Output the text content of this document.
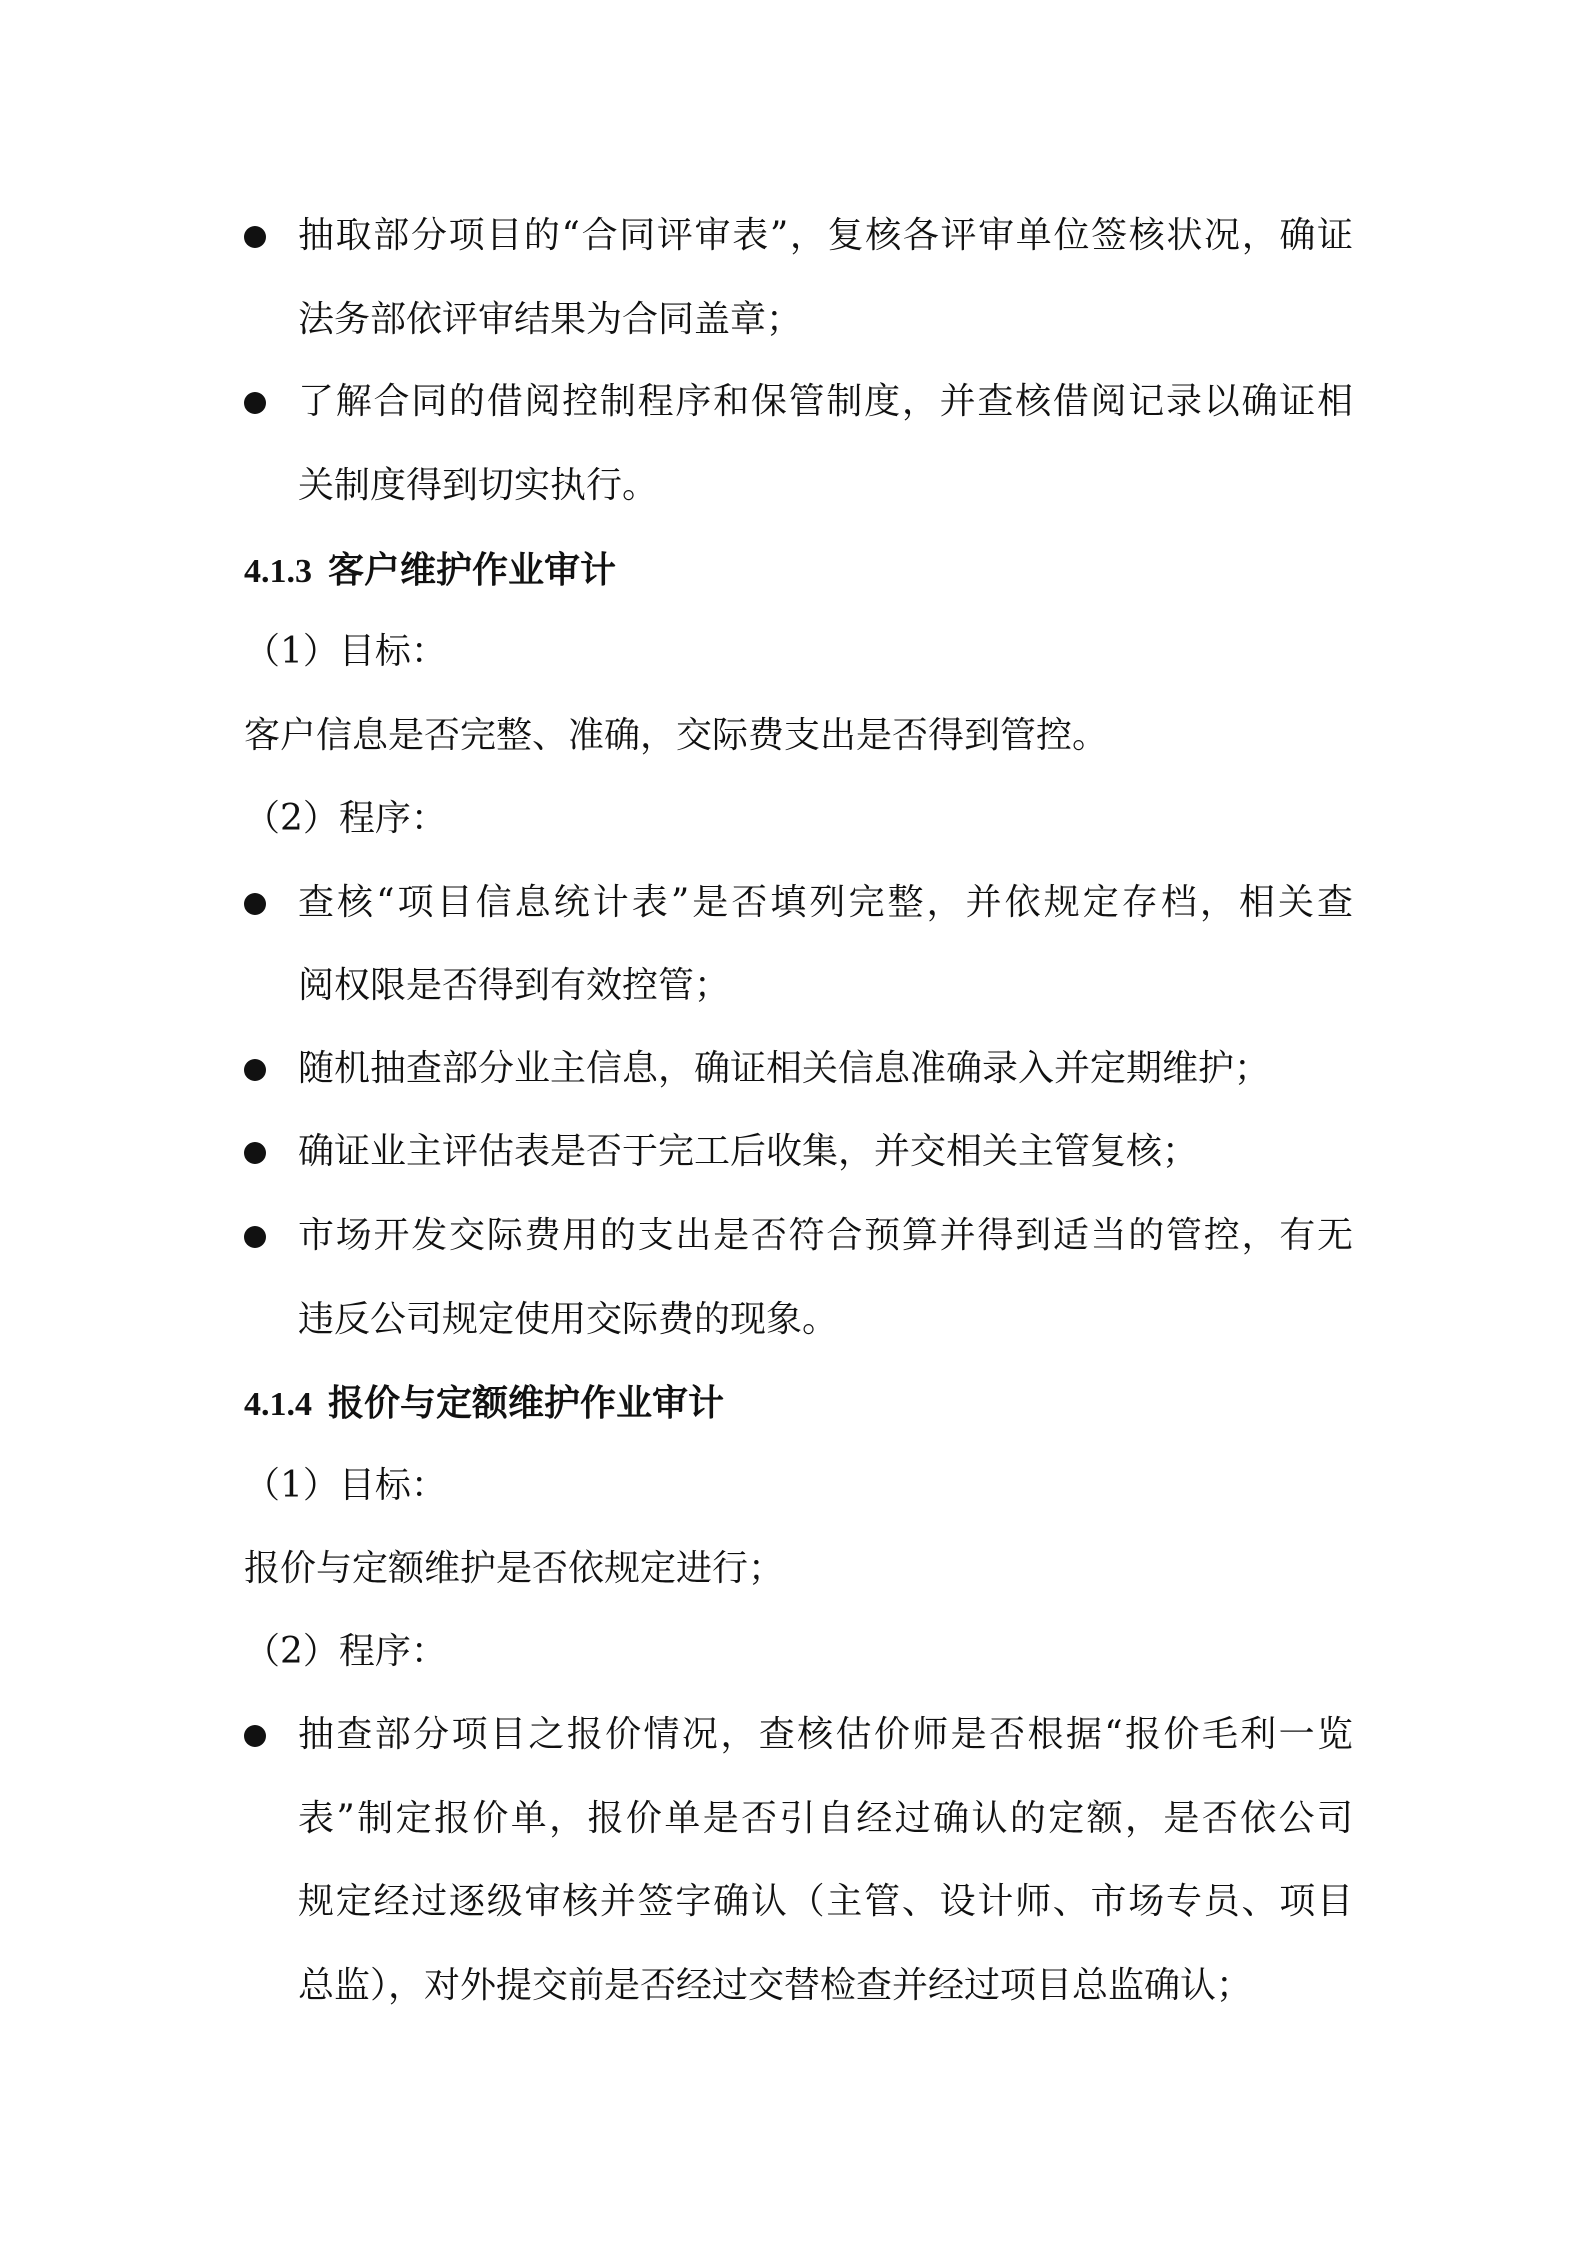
抽取部分项目的“合同评审表”，复核各评审单位签核状况，确证
法务部依评审结果为合同盖章；
了解合同的借阅控制程序和保管制度，并查核借阅记录以确证相
关制度得到切实执行。
4.1.3 客户维护作业审计
（1）目标：
客户信息是否完整、准确，交际费支出是否得到管控。
（2）程序：
查核“项目信息统计表”是否填列完整，并依规定存档，相关查
阅权限是否得到有效控管；
随机抽查部分业主信息，确证相关信息准确录入并定期维护；
确证业主评估表是否于完工后收集，并交相关主管复核；
市场开发交际费用的支出是否符合预算并得到适当的管控，有无
违反公司规定使用交际费的现象。
4.1.4 报价与定额维护作业审计
（1）目标：
报价与定额维护是否依规定进行；
（2）程序：
抽查部分项目之报价情况，查核估价师是否根据“报价毛利一览
表”制定报价单，报价单是否引自经过确认的定额，是否依公司
规定经过逐级审核并签字确认（主管、设计师、市场专员、项目
总监），对外提交前是否经过交替检查并经过项目总监确认；
